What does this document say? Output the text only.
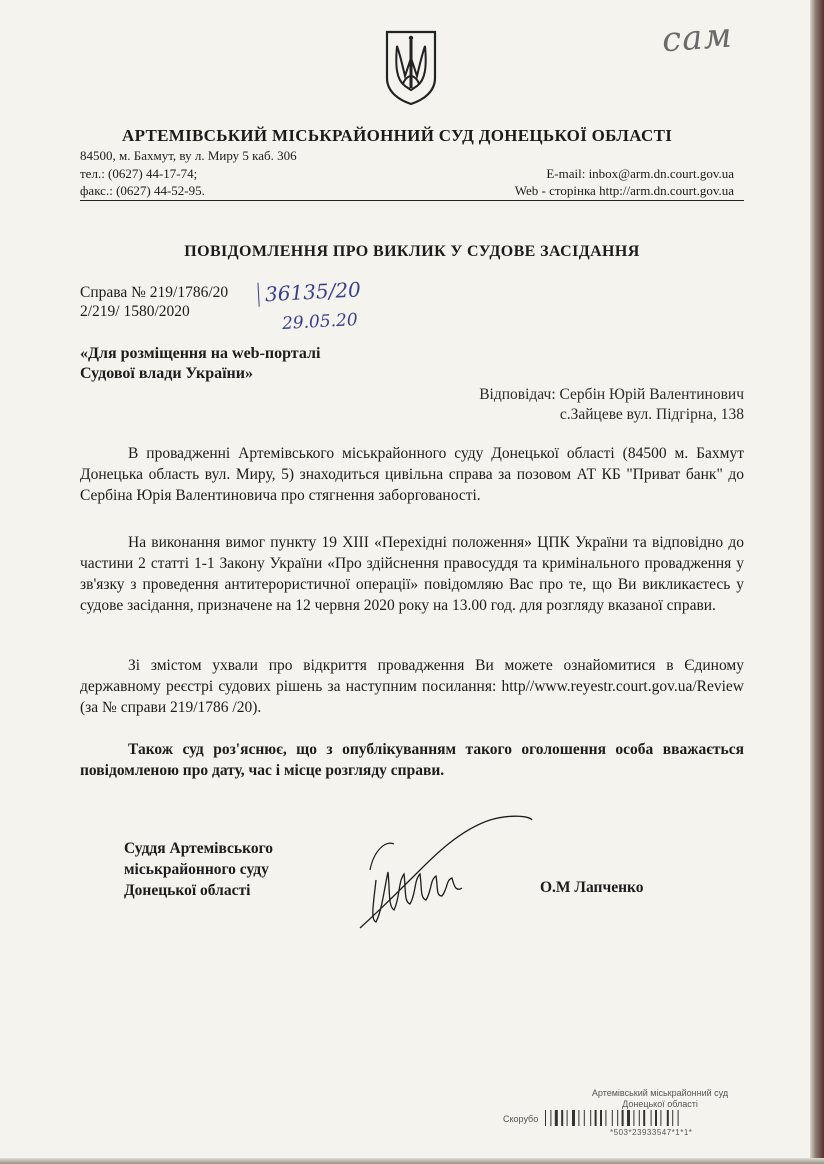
сам
АРТЕМІВСЬКИЙ МІСЬКРАЙОННИЙ СУД ДОНЕЦЬКОЇ ОБЛАСТІ
84500, м. Бахмут, ву л. Миру 5 каб. 306
тел.: (0627) 44-17-74;
факс.: (0627) 44-52-95.
E-mail: inbox@arm.dn.court.gov.ua
Web - сторінка http://arm.dn.court.gov.ua
ПОВІДОМЛЕННЯ ПРО ВИКЛИК У СУДОВЕ ЗАСІДАННЯ
Справа № 219/1786/20
2/219/ 1580/2020
36135/20
29.05.20
«Для розміщення на web-порталі
Судової влади України»
Відповідач: Сербін Юрій Валентинович
с.Зайцеве вул. Підгірна, 138

В провадженні Артемівського міськрайонного суду Донецької області (84500 м. Бахмут Донецька область вул. Миру, 5) знаходиться цивільна справа за позовом АТ КБ "Приват банк" до Сербіна Юрія Валентиновича про стягнення заборгованості.

На виконання вимог пункту 19 XIII «Перехідні положення» ЦПК України та відповідно до частини 2 статті 1-1 Закону України «Про здійснення правосуддя та кримінального провадження у зв'язку з проведення антитерористичної операції» повідомляю Вас про те, що Ви викликаєтесь у судове засідання, призначене на 12 червня 2020 року на 13.00 год. для розгляду вказаної справи.

Зі змістом ухвали про відкриття провадження Ви можете ознайомитися в Єдиному державному реєстрі судових рішень за наступним посилання: http//www.reyestr.court.gov.ua/Review (за № справи 219/1786 /20).

Також суд роз'яснює, що з опублікуванням такого оголошення особа вважається повідомленою про дату, час і місце розгляду справи.

Суддя Артемівського
міськрайонного суду
Донецької області	О.М Лапченко
Артемівський міськрайонний суд
Донецької області
Скорубо
*503*23933547*1*1*
